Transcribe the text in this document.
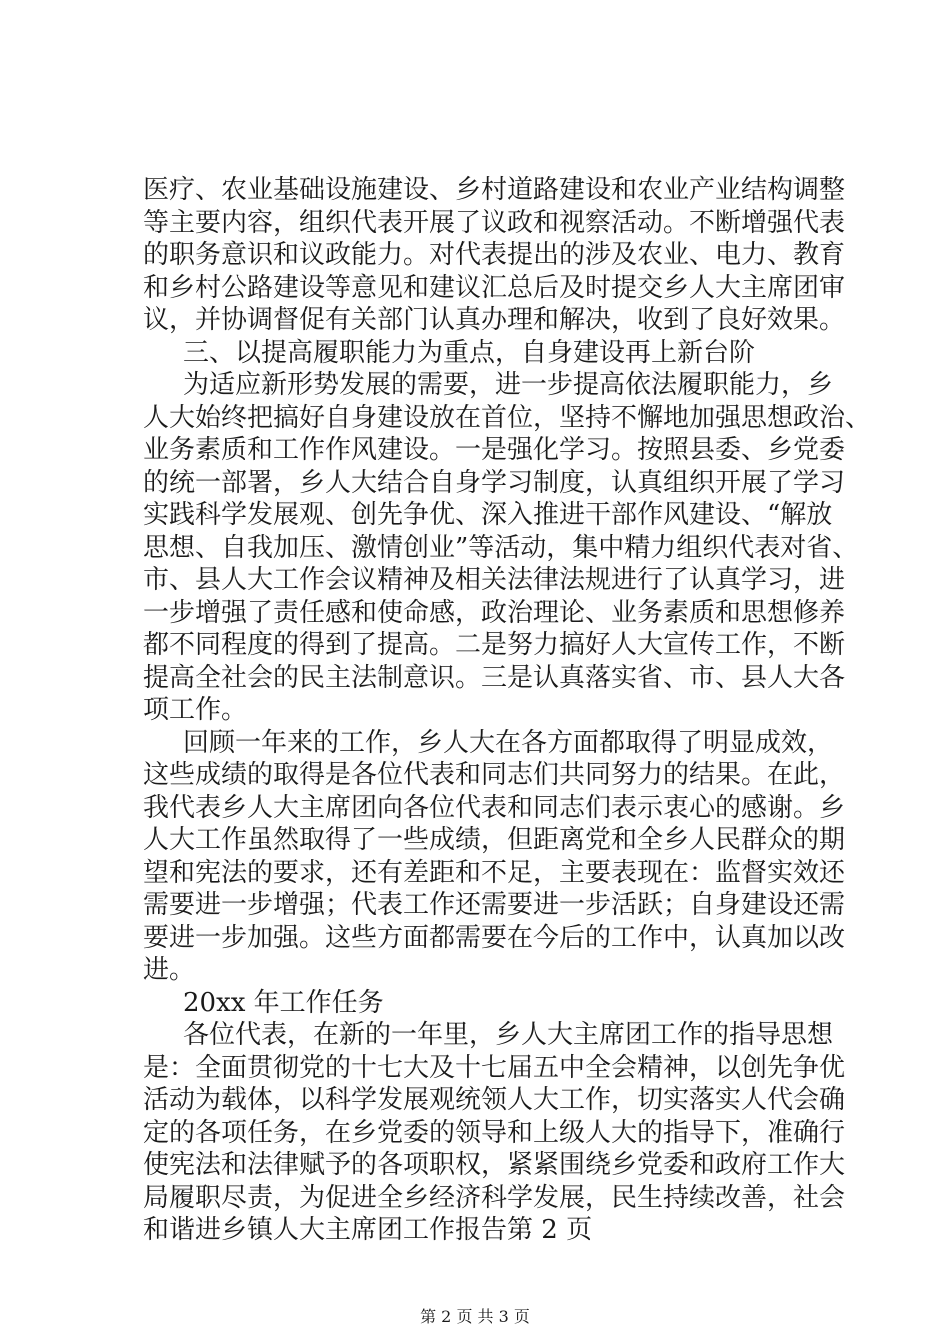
医疗、农业基础设施建设、乡村道路建设和农业产业结构调整
等主要内容，组织代表开展了议政和视察活动。不断增强代表
的职务意识和议政能力。对代表提出的涉及农业、电力、教育
和乡村公路建设等意见和建议汇总后及时提交乡人大主席团审
议，并协调督促有关部门认真办理和解决，收到了良好效果。
三、以提高履职能力为重点，自身建设再上新台阶
为适应新形势发展的需要，进一步提高依法履职能力，乡
人大始终把搞好自身建设放在首位，坚持不懈地加强思想政治、
业务素质和工作作风建设。一是强化学习。按照县委、乡党委
的统一部署，乡人大结合自身学习制度，认真组织开展了学习
实践科学发展观、创先争优、深入推进干部作风建设、“解放
思想、自我加压、激情创业”等活动，集中精力组织代表对省、
市、县人大工作会议精神及相关法律法规进行了认真学习，进
一步增强了责任感和使命感，政治理论、业务素质和思想修养
都不同程度的得到了提高。二是努力搞好人大宣传工作，不断
提高全社会的民主法制意识。三是认真落实省、市、县人大各
项工作。
回顾一年来的工作，乡人大在各方面都取得了明显成效，
这些成绩的取得是各位代表和同志们共同努力的结果。在此，
我代表乡人大主席团向各位代表和同志们表示衷心的感谢。乡
人大工作虽然取得了一些成绩，但距离党和全乡人民群众的期
望和宪法的要求，还有差距和不足，主要表现在：监督实效还
需要进一步增强；代表工作还需要进一步活跃；自身建设还需
要进一步加强。这些方面都需要在今后的工作中，认真加以改
进。
20xx 年工作任务
各位代表，在新的一年里，乡人大主席团工作的指导思想
是：全面贯彻党的十七大及十七届五中全会精神，以创先争优
活动为载体，以科学发展观统领人大工作，切实落实人代会确
定的各项任务，在乡党委的领导和上级人大的指导下，准确行
使宪法和法律赋予的各项职权，紧紧围绕乡党委和政府工作大
局履职尽责，为促进全乡经济科学发展，民生持续改善，社会
和谐进乡镇人大主席团工作报告第 2 页
第 2 页 共 3 页
